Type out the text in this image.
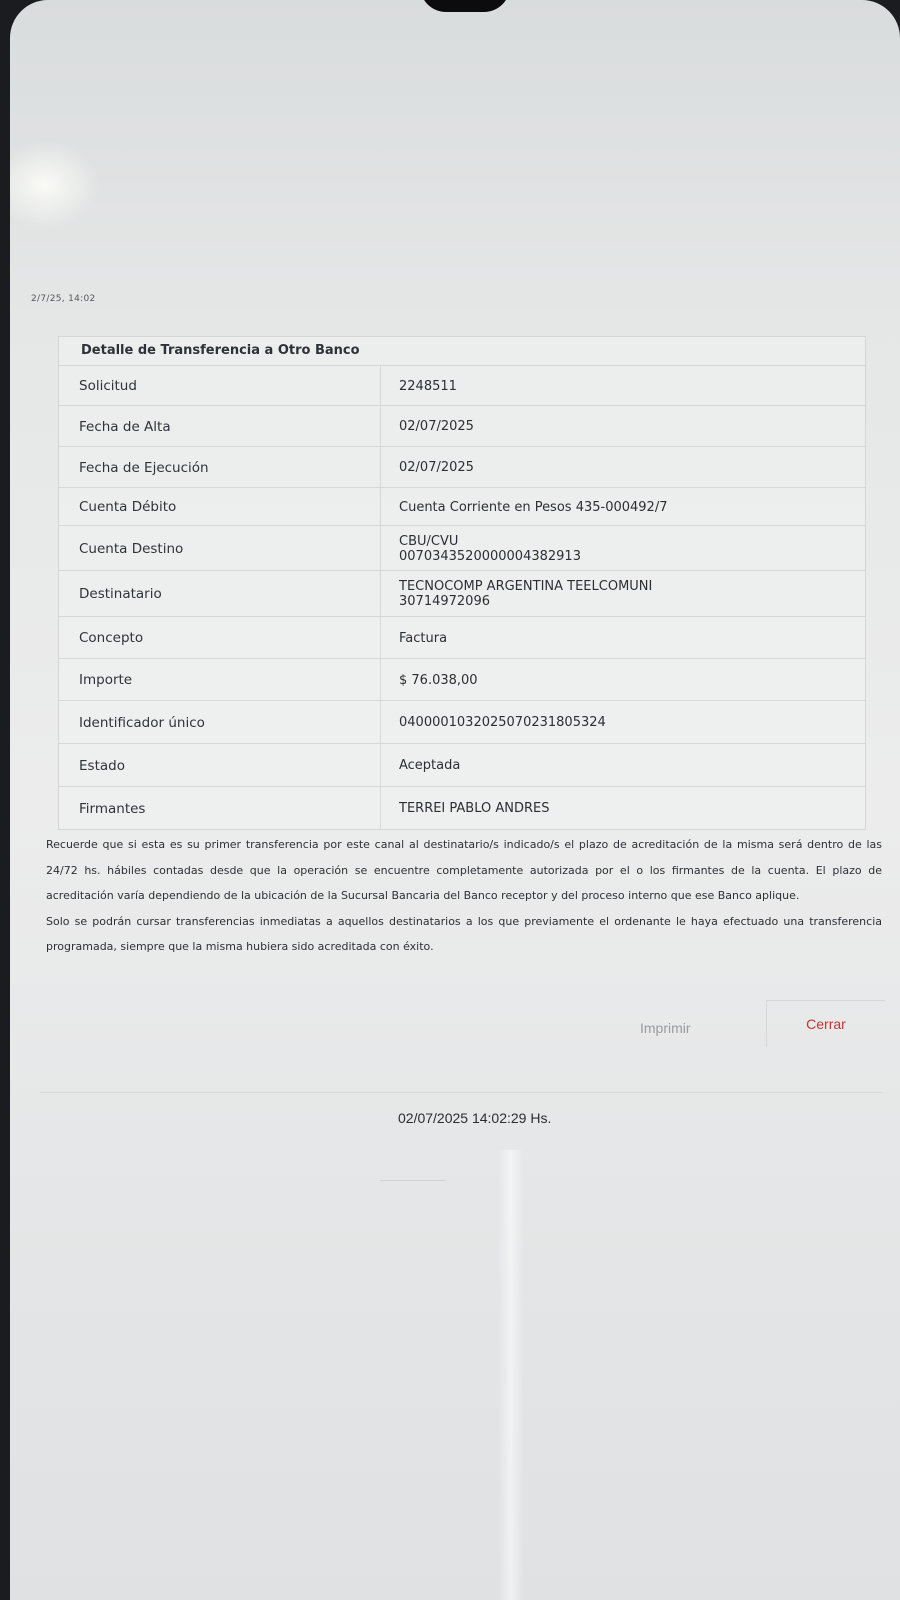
2/7/25, 14:02
Detalle de Transferencia a Otro Banco
Solicitud	2248511
Fecha de Alta	02/07/2025
Fecha de Ejecución	02/07/2025
Cuenta Débito	Cuenta Corriente en Pesos 435-000492/7
Cuenta Destino	CBU/CVU
0070343520000004382913
Destinatario	TECNOCOMP ARGENTINA TEELCOMUNI
30714972096
Concepto	Factura
Importe	$ 76.038,00
Identificador único	0400001032025070231805324
Estado	Aceptada
Firmantes	TERREI PABLO ANDRES

Recuerde que si esta es su primer transferencia por este canal al destinatario/s indicado/s el plazo de acreditación de la misma será dentro de las 24/72 hs. hábiles contadas desde que la operación se encuentre completamente autorizada por el o los firmantes de la cuenta. El plazo de acreditación varía dependiendo de la ubicación de la Sucursal Bancaria del Banco receptor y del proceso interno que ese Banco aplique.

Solo se podrán cursar transferencias inmediatas a aquellos destinatarios a los que previamente el ordenante le haya efectuado una transferencia programada, siempre que la misma hubiera sido acreditada con éxito.

Imprimir	Cerrar
02/07/2025 14:02:29 Hs.
